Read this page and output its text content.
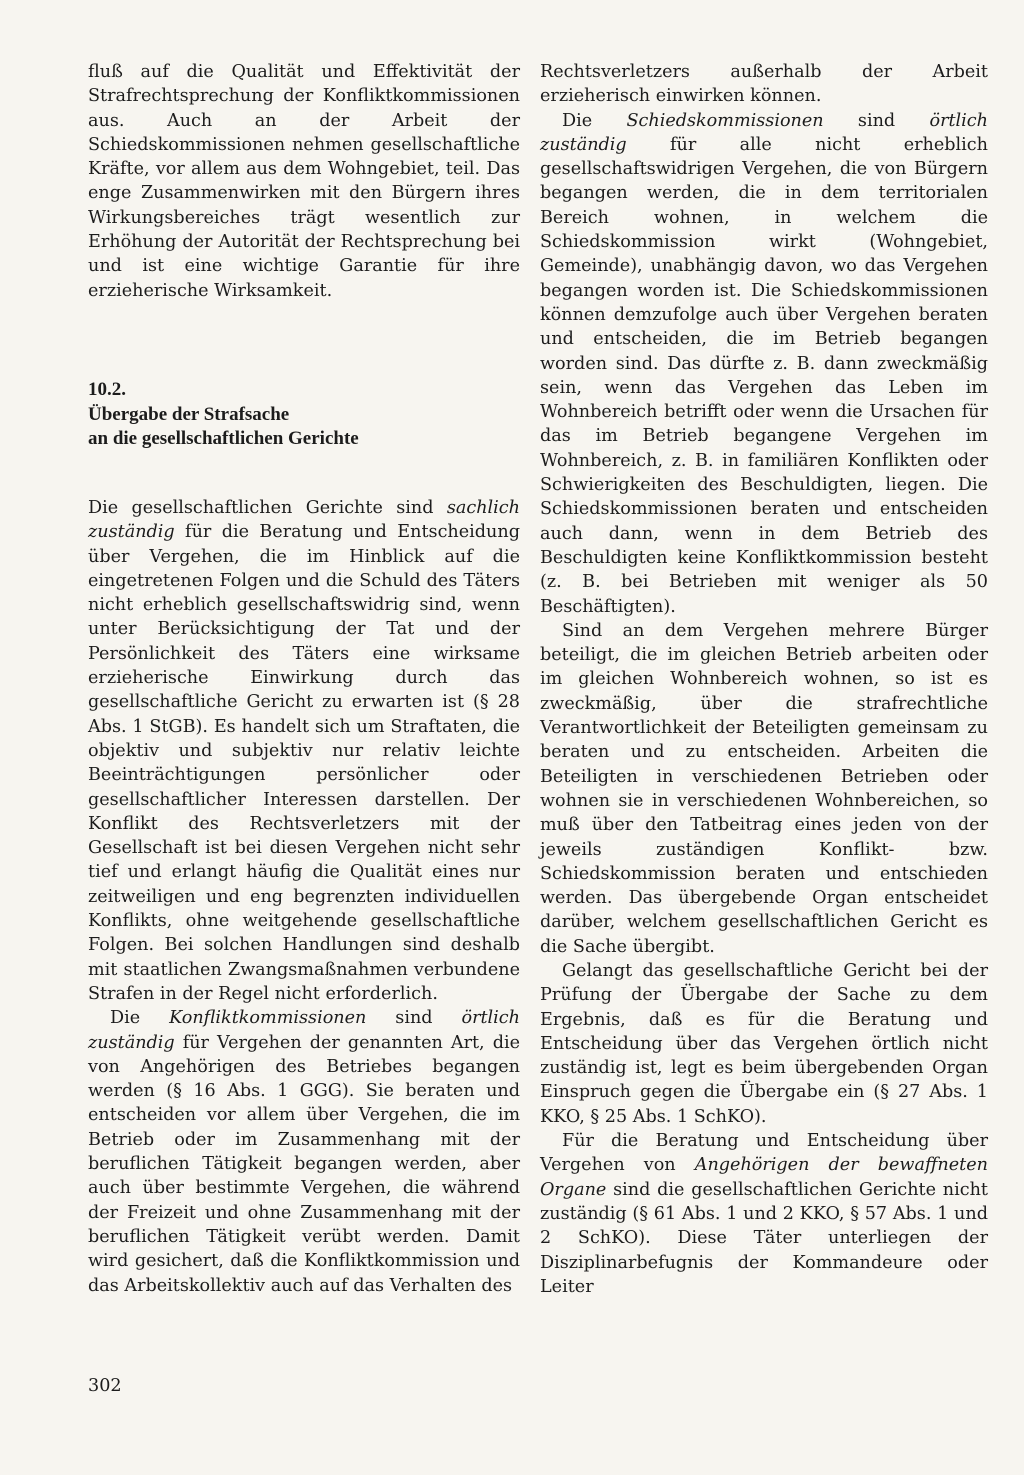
fluß auf die Qualität und Effektivität der Strafrechtsprechung der Konfliktkommissionen aus. Auch an der Arbeit der Schiedskommissionen nehmen gesellschaftliche Kräfte, vor allem aus dem Wohngebiet, teil. Das enge Zusammenwirken mit den Bürgern ihres Wirkungsbereiches trägt wesentlich zur Erhöhung der Autorität der Rechtsprechung bei und ist eine wichtige Garantie für ihre erzieherische Wirksamkeit.

10.2.
Übergabe der Strafsache
an die gesellschaftlichen Gerichte

Die gesellschaftlichen Gerichte sind sachlich zuständig für die Beratung und Entscheidung über Vergehen, die im Hinblick auf die eingetretenen Folgen und die Schuld des Täters nicht erheblich gesellschaftswidrig sind, wenn unter Berücksichtigung der Tat und der Persönlichkeit des Täters eine wirksame erzieherische Einwirkung durch das gesellschaftliche Gericht zu erwarten ist (§ 28 Abs. 1 StGB). Es handelt sich um Straftaten, die objektiv und subjektiv nur relativ leichte Beeinträchtigungen persönlicher oder gesellschaftlicher Interessen darstellen. Der Konflikt des Rechtsverletzers mit der Gesellschaft ist bei diesen Vergehen nicht sehr tief und erlangt häufig die Qualität eines nur zeitweiligen und eng begrenzten individuellen Konflikts, ohne weitgehende gesellschaftliche Folgen. Bei solchen Handlungen sind deshalb mit staatlichen Zwangsmaßnahmen verbundene Strafen in der Regel nicht erforderlich.

Die Konfliktkommissionen sind örtlich zuständig für Vergehen der genannten Art, die von Angehörigen des Betriebes begangen werden (§ 16 Abs. 1 GGG). Sie beraten und entscheiden vor allem über Vergehen, die im Betrieb oder im Zusammenhang mit der beruflichen Tätigkeit begangen werden, aber auch über bestimmte Vergehen, die während der Freizeit und ohne Zusammenhang mit der beruflichen Tätigkeit verübt werden. Damit wird gesichert, daß die Konfliktkommission und das Arbeitskollektiv auch auf das Verhalten des

Rechtsverletzers außerhalb der Arbeit erzieherisch einwirken können.

Die Schiedskommissionen sind örtlich zuständig für alle nicht erheblich gesellschaftswidrigen Vergehen, die von Bürgern begangen werden, die in dem territorialen Bereich wohnen, in welchem die Schiedskommission wirkt (Wohngebiet, Gemeinde), unabhängig davon, wo das Vergehen begangen worden ist. Die Schiedskommissionen können demzufolge auch über Vergehen beraten und entscheiden, die im Betrieb begangen worden sind. Das dürfte z. B. dann zweckmäßig sein, wenn das Vergehen das Leben im Wohnbereich betrifft oder wenn die Ursachen für das im Betrieb begangene Vergehen im Wohnbereich, z. B. in familiären Konflikten oder Schwierigkeiten des Beschuldigten, liegen. Die Schiedskommissionen beraten und entscheiden auch dann, wenn in dem Betrieb des Beschuldigten keine Konfliktkommission besteht (z. B. bei Betrieben mit weniger als 50 Beschäftigten).

Sind an dem Vergehen mehrere Bürger beteiligt, die im gleichen Betrieb arbeiten oder im gleichen Wohnbereich wohnen, so ist es zweckmäßig, über die strafrechtliche Verantwortlichkeit der Beteiligten gemeinsam zu beraten und zu entscheiden. Arbeiten die Beteiligten in verschiedenen Betrieben oder wohnen sie in verschiedenen Wohnbereichen, so muß über den Tatbeitrag eines jeden von der jeweils zuständigen Konflikt- bzw. Schiedskommission beraten und entschieden werden. Das übergebende Organ entscheidet darüber, welchem gesellschaftlichen Gericht es die Sache übergibt.

Gelangt das gesellschaftliche Gericht bei der Prüfung der Übergabe der Sache zu dem Ergebnis, daß es für die Beratung und Entscheidung über das Vergehen örtlich nicht zuständig ist, legt es beim übergebenden Organ Einspruch gegen die Übergabe ein (§ 27 Abs. 1 KKO, § 25 Abs. 1 SchKO).

Für die Beratung und Entscheidung über Vergehen von Angehörigen der bewaffneten Organe sind die gesellschaftlichen Gerichte nicht zuständig (§ 61 Abs. 1 und 2 KKO, § 57 Abs. 1 und 2 SchKO). Diese Täter unterliegen der Disziplinarbefugnis der Kommandeure oder Leiter

302
